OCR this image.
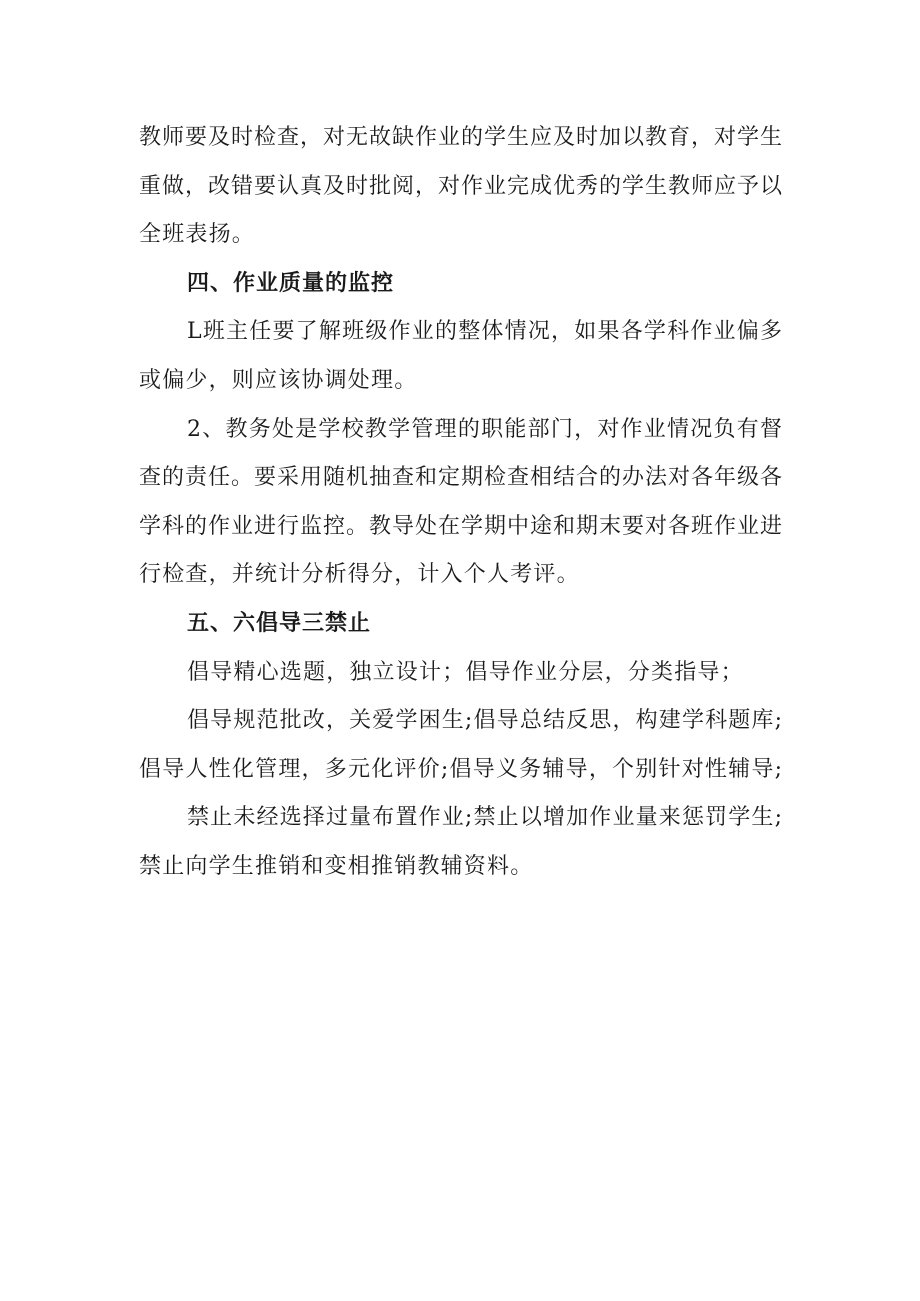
教师要及时检查，对无故缺作业的学生应及时加以教育，对学生
重做，改错要认真及时批阅，对作业完成优秀的学生教师应予以
全班表扬。
四、作业质量的监控
L班主任要了解班级作业的整体情况，如果各学科作业偏多
或偏少，则应该协调处理。
2、教务处是学校教学管理的职能部门，对作业情况负有督
查的责任。要采用随机抽查和定期检查相结合的办法对各年级各
学科的作业进行监控。教导处在学期中途和期末要对各班作业进
行检查，并统计分析得分，计入个人考评。
五、六倡导三禁止
倡导精心选题，独立设计；倡导作业分层，分类指导；
倡导规范批改，关爱学困生;倡导总结反思，构建学科题库;
倡导人性化管理，多元化评价;倡导义务辅导，个别针对性辅导;
禁止未经选择过量布置作业;禁止以增加作业量来惩罚学生;
禁止向学生推销和变相推销教辅资料。
